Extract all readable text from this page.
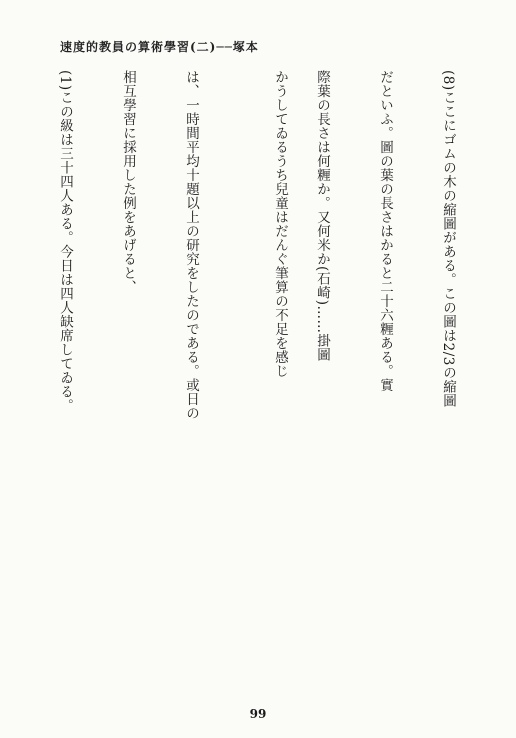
速度的教員の算術學習(二)──塚本

は、一時間平均十題以上の研究をしたのである。或日の

相互學習に採用した例をあげると、

(1)この級は三十四人ある。今日は四人缺席してゐる。

	(8)ここにゴムの木の縮圖がある。この圖は2/3の縮圖

だといふ。圖の葉の長さはかると二十六糎ある。實

際葉の長さは何糎か。又何米か(石崎)……掛圖

かうしてゐるうち兒童はだんぐ筆算の不足を感じ

99
